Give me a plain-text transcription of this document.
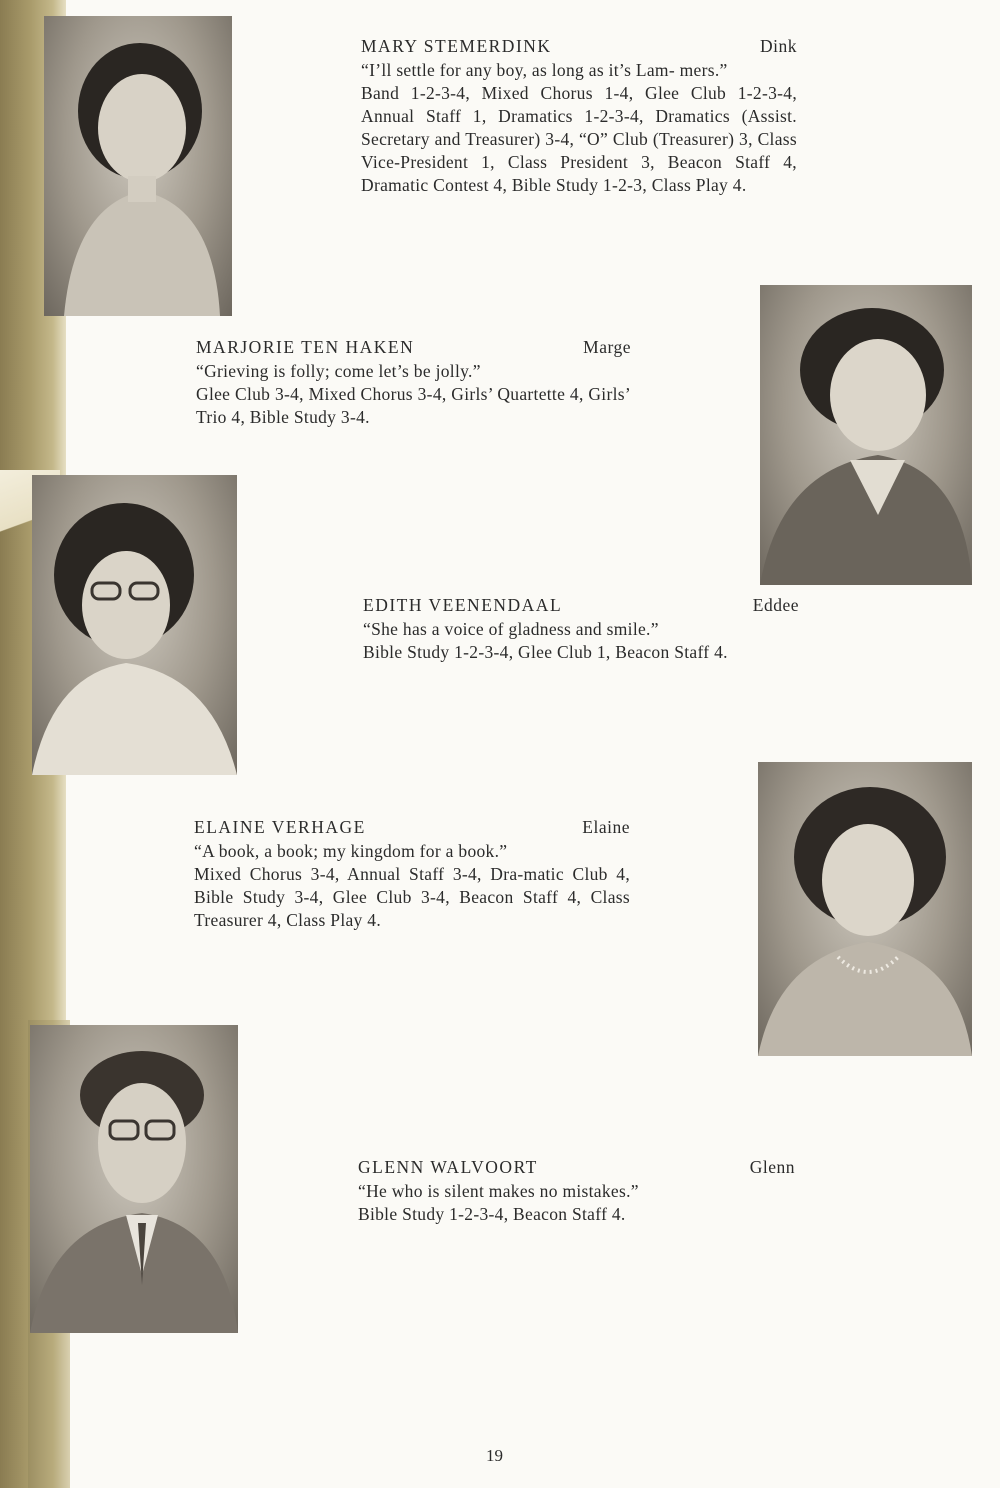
MARY STEMERDINK	Dink
“I’ll settle for any boy, as long as it’s Lam- mers.”
Band 1-2-3-4, Mixed Chorus 1-4, Glee Club 1-2-3-4, Annual Staff 1, Dramatics 1-2-3-4, Dramatics (Assist. Secretary and Treasurer) 3-4, “O” Club (Treasurer) 3, Class Vice-President 1, Class President 3, Beacon Staff 4, Dramatic Contest 4, Bible Study 1-2-3, Class Play 4.
MARJORIE TEN HAKEN	Marge
“Grieving is folly; come let’s be jolly.”
Glee Club 3-4, Mixed Chorus 3-4, Girls’ Quartette 4, Girls’ Trio 4, Bible Study 3-4.
EDITH VEENENDAAL	Eddee
“She has a voice of gladness and smile.”
Bible Study 1-2-3-4, Glee Club 1, Beacon Staff 4.
ELAINE VERHAGE	Elaine
“A book, a book; my kingdom for a book.”
Mixed Chorus 3-4, Annual Staff 3-4, Dra-matic Club 4, Bible Study 3-4, Glee Club 3-4, Beacon Staff 4, Class Treasurer 4, Class Play 4.
GLENN WALVOORT	Glenn
“He who is silent makes no mistakes.”
Bible Study 1-2-3-4, Beacon Staff 4.
19
